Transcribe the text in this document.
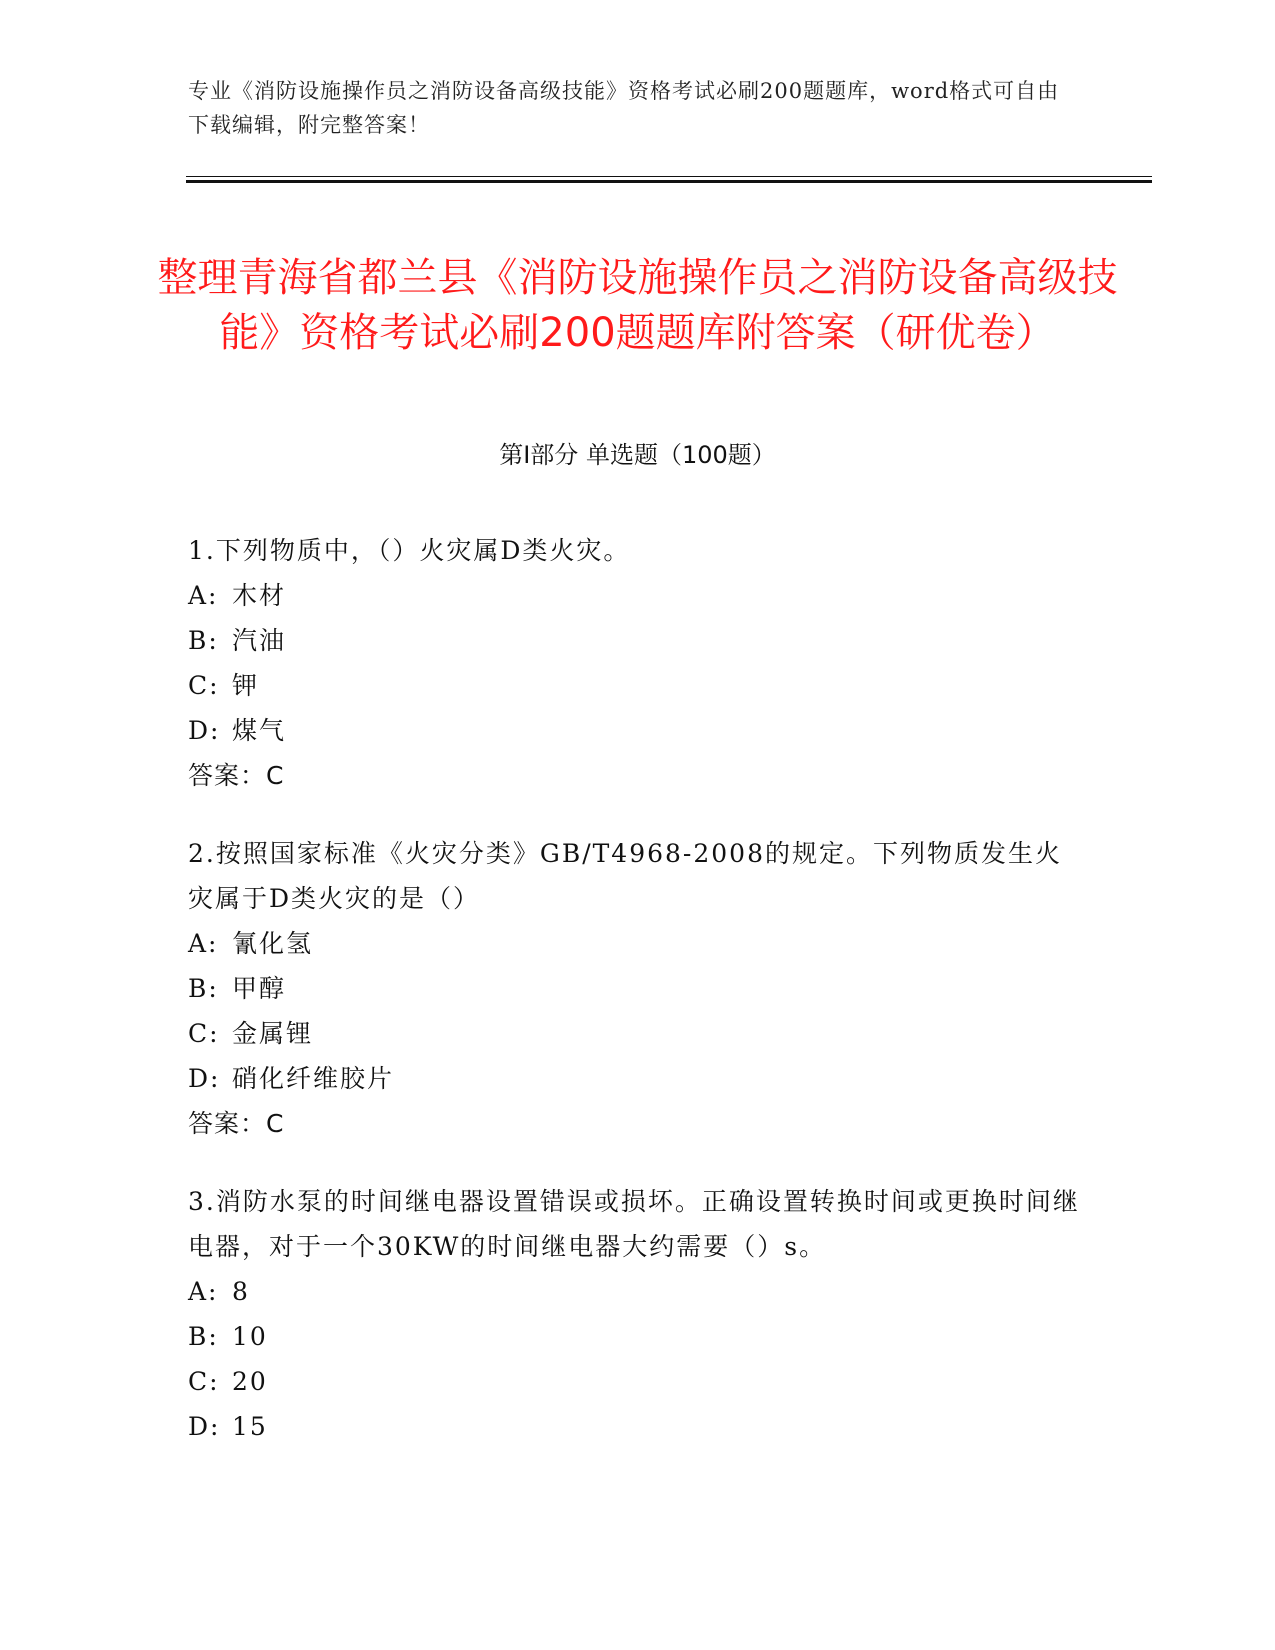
专业《消防设施操作员之消防设备高级技能》资格考试必刷200题题库，word格式可自由下载编辑，附完整答案！
整理青海省都兰县《消防设施操作员之消防设备高级技能》资格考试必刷200题题库附答案（研优卷）
第Ⅰ部分 单选题（100题）

1.下列物质中，（）火灾属D类火灾。

A: 木材

B: 汽油

C: 钾

D: 煤气

答案：C

2.按照国家标准《火灾分类》GB/T4968-2008的规定。下列物质发生火灾属于D类火灾的是（）

A: 氰化氢

B: 甲醇

C: 金属锂

D: 硝化纤维胶片

答案：C

3.消防水泵的时间继电器设置错误或损坏。正确设置转换时间或更换时间继电器，对于一个30KW的时间继电器大约需要（）s。

A: 8

B: 10

C: 20

D: 15
